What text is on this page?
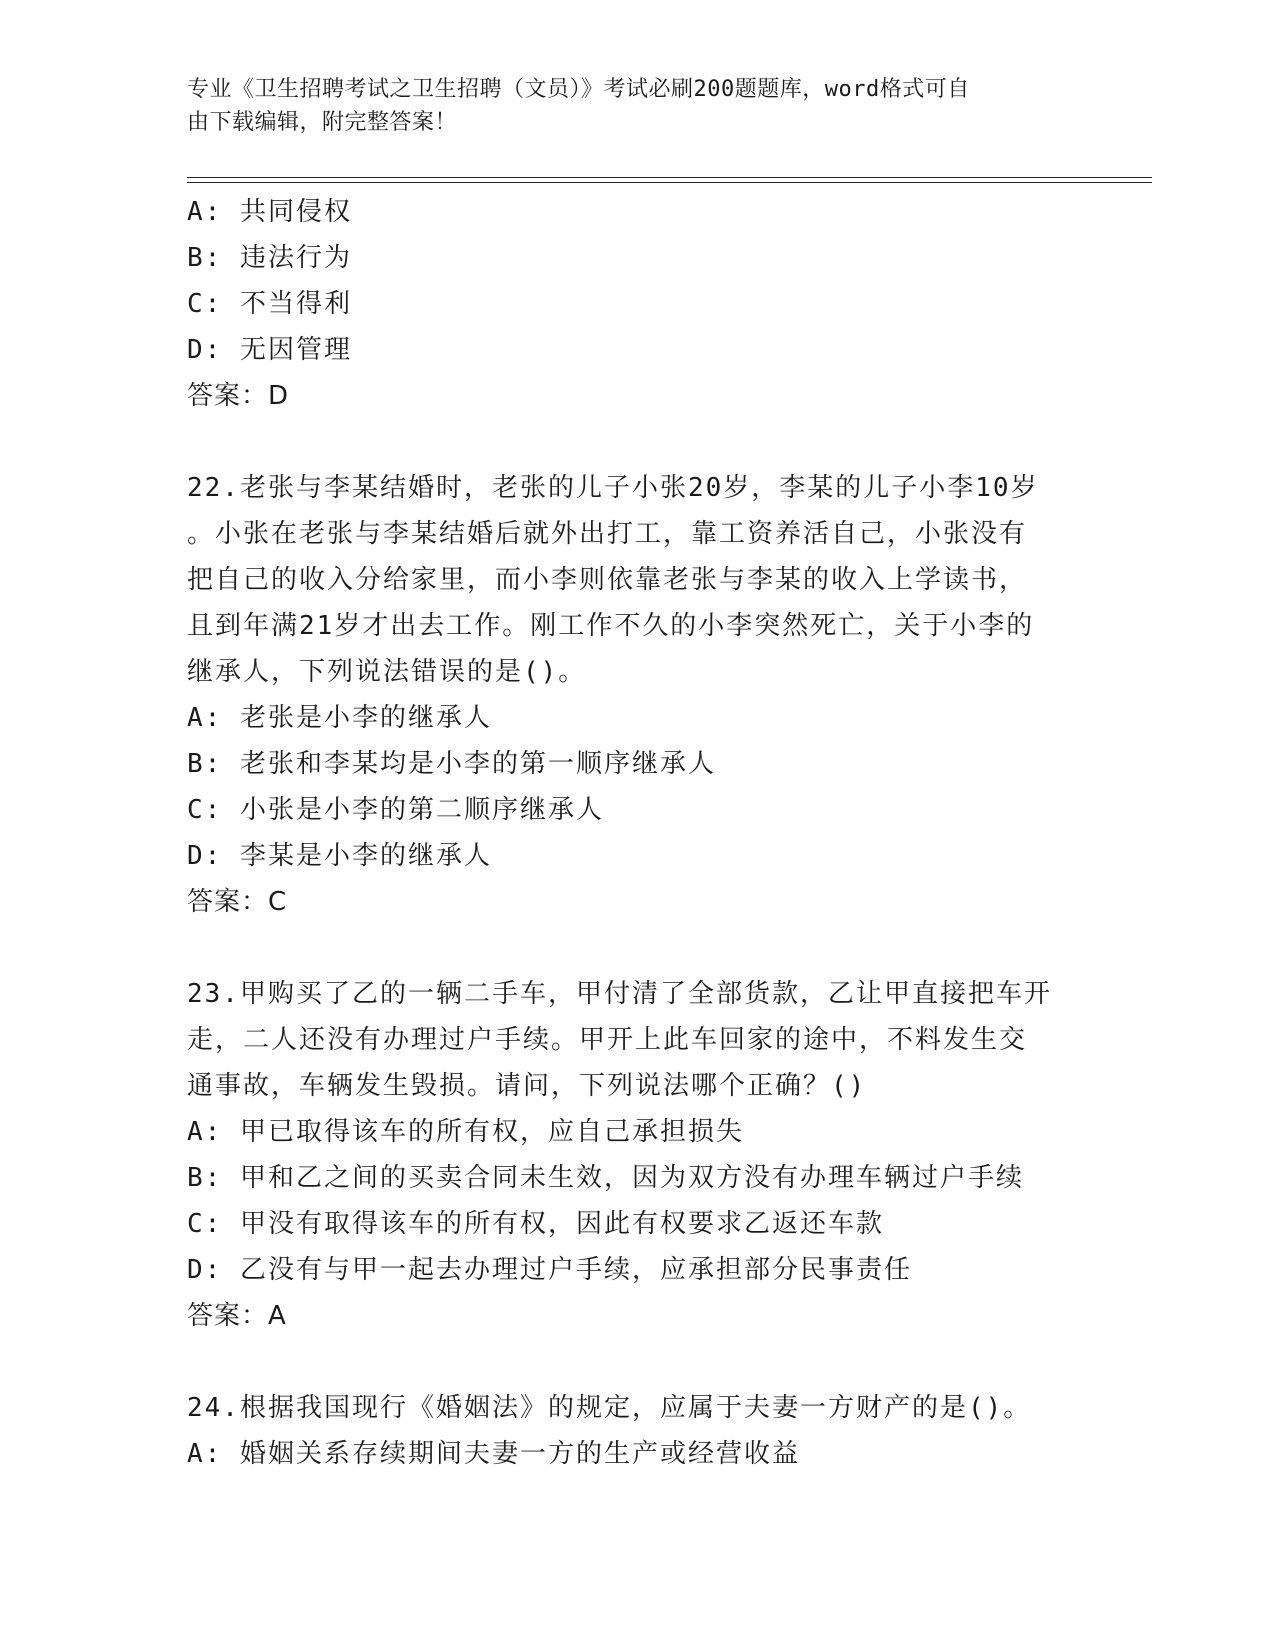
专业《卫生招聘考试之卫生招聘（文员）》考试必刷200题题库，word格式可自
由下载编辑，附完整答案！
A: 共同侵权
B: 违法行为
C: 不当得利
D: 无因管理
答案：D
22.老张与李某结婚时，老张的儿子小张20岁，李某的儿子小李10岁
。小张在老张与李某结婚后就外出打工，靠工资养活自己，小张没有
把自己的收入分给家里，而小李则依靠老张与李某的收入上学读书，
且到年满21岁才出去工作。刚工作不久的小李突然死亡，关于小李的
继承人，下列说法错误的是()。
A: 老张是小李的继承人
B: 老张和李某均是小李的第一顺序继承人
C: 小张是小李的第二顺序继承人
D: 李某是小李的继承人
答案：C
23.甲购买了乙的一辆二手车，甲付清了全部货款，乙让甲直接把车开
走，二人还没有办理过户手续。甲开上此车回家的途中，不料发生交
通事故，车辆发生毁损。请问，下列说法哪个正确？()
A: 甲已取得该车的所有权，应自己承担损失
B: 甲和乙之间的买卖合同未生效，因为双方没有办理车辆过户手续
C: 甲没有取得该车的所有权，因此有权要求乙返还车款
D: 乙没有与甲一起去办理过户手续，应承担部分民事责任
答案：A
24.根据我国现行《婚姻法》的规定，应属于夫妻一方财产的是()。
A: 婚姻关系存续期间夫妻一方的生产或经营收益
